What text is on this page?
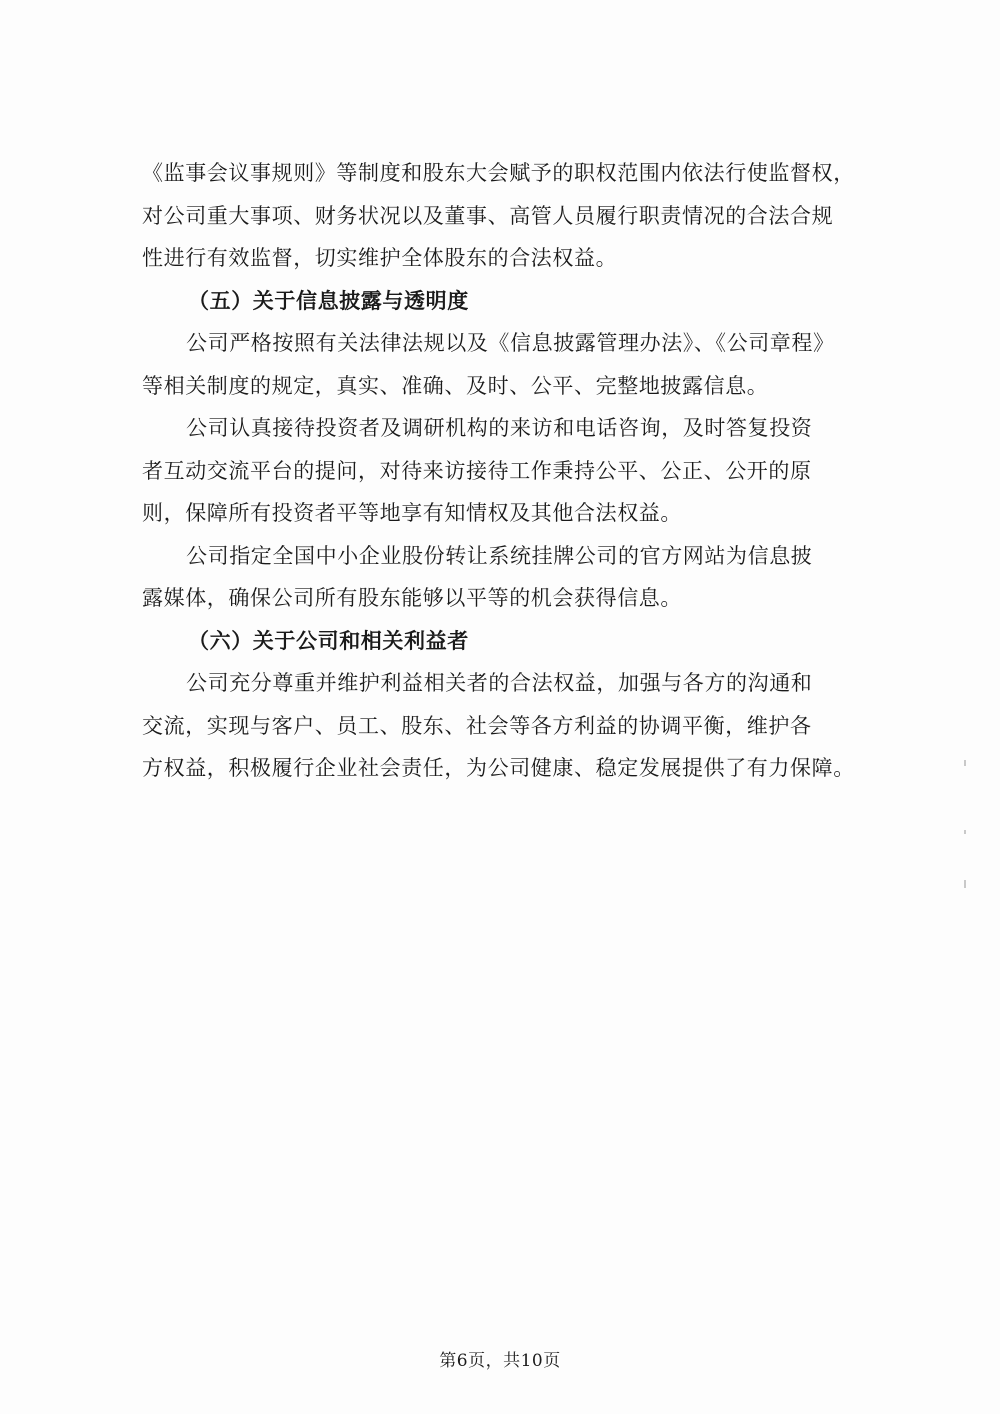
《监事会议事规则》等制度和股东大会赋予的职权范围内依法行使监督权，
对公司重大事项、财务状况以及董事、高管人员履行职责情况的合法合规
性进行有效监督，切实维护全体股东的合法权益。
（五）关于信息披露与透明度
公司严格按照有关法律法规以及《信息披露管理办法》、《公司章程》
等相关制度的规定，真实、准确、及时、公平、完整地披露信息。
公司认真接待投资者及调研机构的来访和电话咨询，及时答复投资
者互动交流平台的提问，对待来访接待工作秉持公平、公正、公开的原
则，保障所有投资者平等地享有知情权及其他合法权益。
公司指定全国中小企业股份转让系统挂牌公司的官方网站为信息披
露媒体，确保公司所有股东能够以平等的机会获得信息。
（六）关于公司和相关利益者
公司充分尊重并维护利益相关者的合法权益，加强与各方的沟通和
交流，实现与客户、员工、股东、社会等各方利益的协调平衡，维护各
方权益，积极履行企业社会责任，为公司健康、稳定发展提供了有力保障。
第6页，共10页
